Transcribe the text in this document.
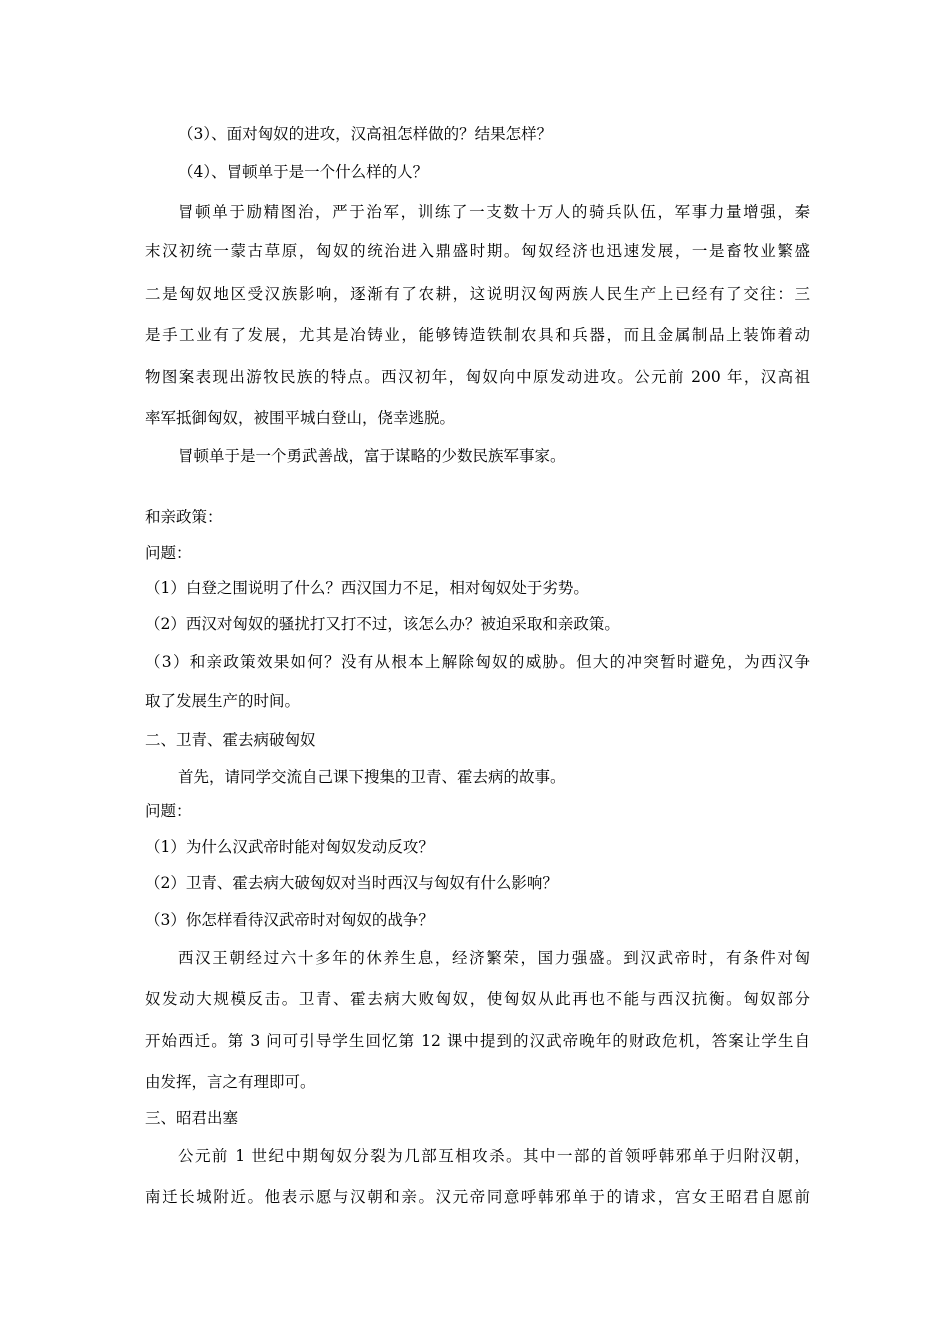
（3）、面对匈奴的进攻，汉高祖怎样做的？结果怎样？
（4）、冒顿单于是一个什么样的人？
冒顿单于励精图治，严于治军，训练了一支数十万人的骑兵队伍，军事力量增强，秦
末汉初统一蒙古草原，匈奴的统治进入鼎盛时期。匈奴经济也迅速发展，一是畜牧业繁盛
二是匈奴地区受汉族影响，逐渐有了农耕，这说明汉匈两族人民生产上已经有了交往：三
是手工业有了发展，尤其是冶铸业，能够铸造铁制农具和兵器，而且金属制品上装饰着动
物图案表现出游牧民族的特点。西汉初年，匈奴向中原发动进攻。公元前 200 年，汉高祖
率军抵御匈奴，被围平城白登山，侥幸逃脱。
冒顿单于是一个勇武善战，富于谋略的少数民族军事家。
和亲政策：
问题：
（1）白登之围说明了什么？西汉国力不足，相对匈奴处于劣势。
（2）西汉对匈奴的骚扰打又打不过，该怎么办？被迫采取和亲政策。
（3）和亲政策效果如何？没有从根本上解除匈奴的威胁。但大的冲突暂时避免，为西汉争
取了发展生产的时间。
二、卫青、霍去病破匈奴
首先，请同学交流自己课下搜集的卫青、霍去病的故事。
问题：
（1）为什么汉武帝时能对匈奴发动反攻？
（2）卫青、霍去病大破匈奴对当时西汉与匈奴有什么影响？
（3）你怎样看待汉武帝时对匈奴的战争？
西汉王朝经过六十多年的休养生息，经济繁荣，国力强盛。到汉武帝时，有条件对匈
奴发动大规模反击。卫青、霍去病大败匈奴，使匈奴从此再也不能与西汉抗衡。匈奴部分
开始西迁。第 3 问可引导学生回忆第 12 课中提到的汉武帝晚年的财政危机，答案让学生自
由发挥，言之有理即可。
三、昭君出塞
公元前 1 世纪中期匈奴分裂为几部互相攻杀。其中一部的首领呼韩邪单于归附汉朝，
南迁长城附近。他表示愿与汉朝和亲。汉元帝同意呼韩邪单于的请求，宫女王昭君自愿前
